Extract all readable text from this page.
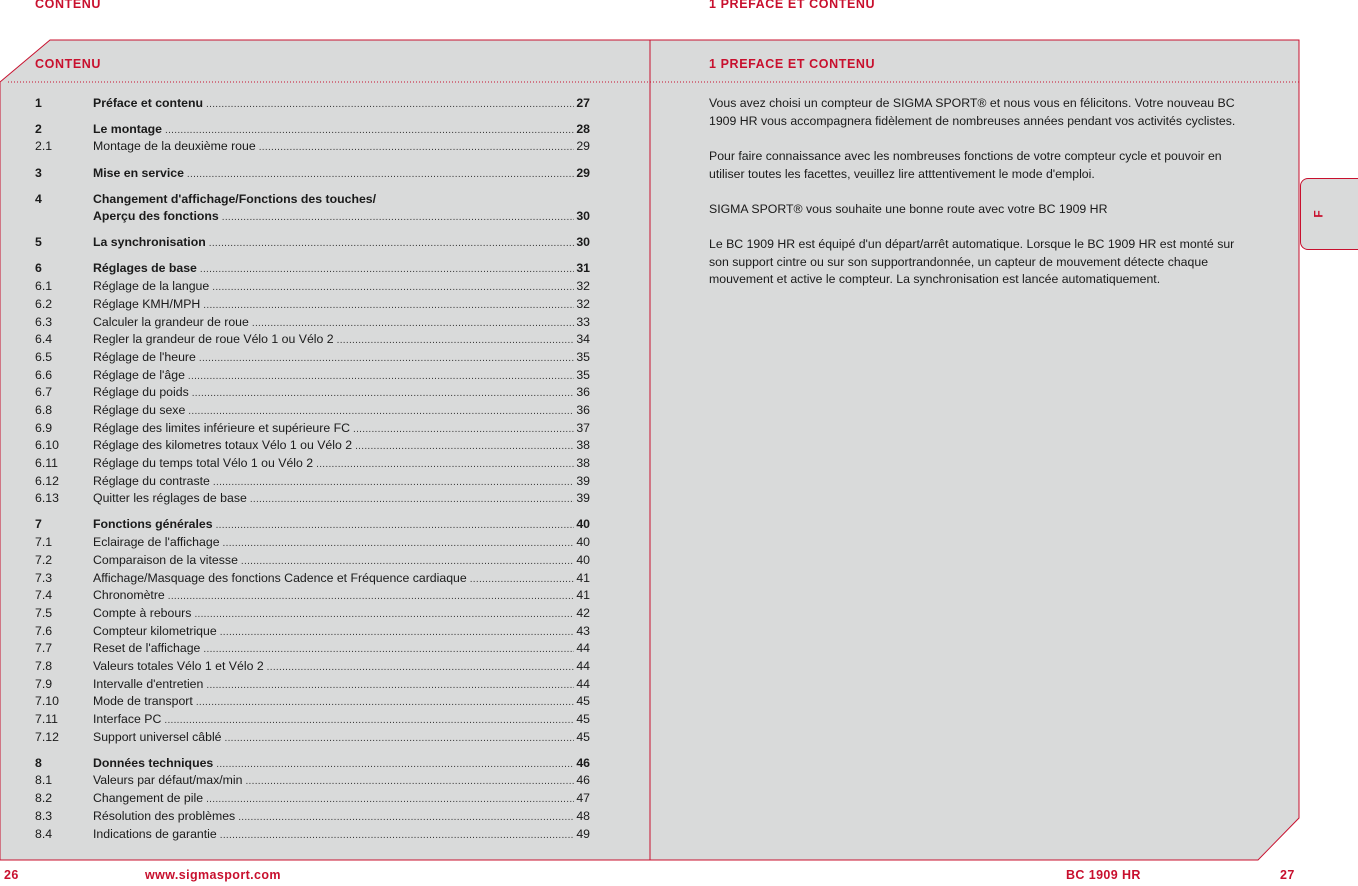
CONTENU	1 PREFACE ET CONTENU
CONTENU	1 PREFACE ET CONTENU
1	Préface et contenu .....	27
2	Le montage .....	28
2.1	Montage de la deuxième roue .....	29
3	Mise en service .....	29
4	Changement d'affichage/Fonctions des touches/
Aperçu des fonctions .....	30
5	La synchronisation .....	30
6	Réglages de base .....	31
6.1	Réglage de la langue .....	32
6.2	Réglage KMH/MPH .....	32
6.3	Calculer la grandeur de roue .....	33
6.4	Regler la grandeur de roue Vélo 1 ou Vélo 2 .....	34
6.5	Réglage de l'heure .....	35
6.6	Réglage de l'âge .....	35
6.7	Réglage du poids .....	36
6.8	Réglage du sexe .....	36
6.9	Réglage des limites inférieure et supérieure FC .....	37
6.10	Réglage des kilometres totaux Vélo 1 ou Vélo 2 .....	38
6.11	Réglage du temps total Vélo 1 ou Vélo 2 .....	38
6.12	Réglage du contraste .....	39
6.13	Quitter les réglages de base .....	39
7	Fonctions générales .....	40
7.1	Eclairage de l'affichage .....	40
7.2	Comparaison de la vitesse .....	40
7.3	Affichage/Masquage des fonctions Cadence et Fréquence cardiaque .....	41
7.4	Chronomètre .....	41
7.5	Compte à rebours .....	42
7.6	Compteur kilometrique .....	43
7.7	Reset de l'affichage .....	44
7.8	Valeurs totales Vélo 1 et Vélo 2 .....	44
7.9	Intervalle d'entretien .....	44
7.10	Mode de transport .....	45
7.11	Interface PC .....	45
7.12	Support universel câblé .....	45
8	Données techniques .....	46
8.1	Valeurs par défaut/max/min .....	46
8.2	Changement de pile .....	47
8.3	Résolution des problèmes .....	48
8.4	Indications de garantie .....	49

Vous avez choisi un compteur de SIGMA SPORT® et nous vous en félicitons. Votre nouveau BC 1909 HR vous accompagnera fidèlement de nombreuses années pendant vos activités cyclistes.

Pour faire connaissance avec les nombreuses fonctions de votre compteur cycle et pouvoir en utiliser toutes les facettes, veuillez lire atttentivement le mode d'emploi.

SIGMA SPORT® vous souhaite une bonne route avec votre BC 1909 HR

Le BC 1909 HR est équipé d'un départ/arrêt automatique. Lorsque le BC 1909 HR est monté sur son support cintre ou sur son supportrandonnée, un capteur de mouvement détecte chaque mouvement et active le compteur. La synchronisation est lancée automatiquement.

F
26	www.sigmasport.com	BC 1909 HR	27
